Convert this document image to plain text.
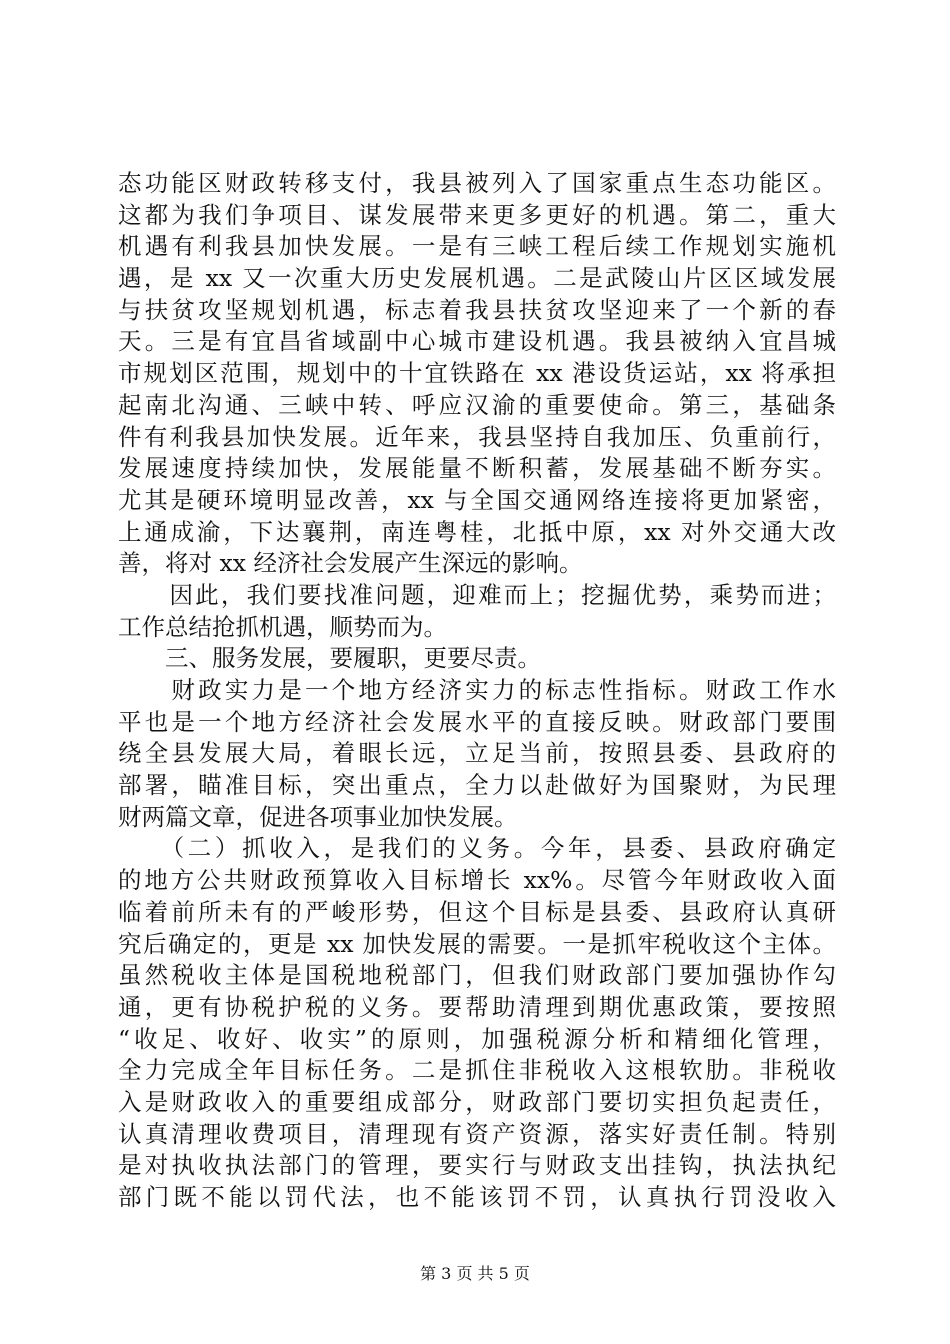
态功能区财政转移支付，我县被列入了国家重点生态功能区。
这都为我们争项目、谋发展带来更多更好的机遇。第二，重大
机遇有利我县加快发展。一是有三峡工程后续工作规划实施机
遇，是 xx 又一次重大历史发展机遇。二是武陵山片区区域发展
与扶贫攻坚规划机遇，标志着我县扶贫攻坚迎来了一个新的春
天。三是有宜昌省域副中心城市建设机遇。我县被纳入宜昌城
市规划区范围，规划中的十宜铁路在 xx 港设货运站，xx 将承担
起南北沟通、三峡中转、呼应汉渝的重要使命。第三，基础条
件有利我县加快发展。近年来，我县坚持自我加压、负重前行，
发展速度持续加快，发展能量不断积蓄，发展基础不断夯实。
尤其是硬环境明显改善，xx 与全国交通网络连接将更加紧密，
上通成渝，下达襄荆，南连粤桂，北抵中原，xx 对外交通大改
善，将对 xx 经济社会发展产生深远的影响。
　　因此，我们要找准问题，迎难而上；挖掘优势，乘势而进；
工作总结抢抓机遇，顺势而为。
　　三、服务发展，要履职，更要尽责。
　　财政实力是一个地方经济实力的标志性指标。财政工作水
平也是一个地方经济社会发展水平的直接反映。财政部门要围
绕全县发展大局，着眼长远，立足当前，按照县委、县政府的
部署，瞄准目标，突出重点，全力以赴做好为国聚财，为民理
财两篇文章，促进各项事业加快发展。
　　（二）抓收入，是我们的义务。今年，县委、县政府确定
的地方公共财政预算收入目标增长 xx%。尽管今年财政收入面
临着前所未有的严峻形势，但这个目标是县委、县政府认真研
究后确定的，更是 xx 加快发展的需要。一是抓牢税收这个主体。
虽然税收主体是国税地税部门，但我们财政部门要加强协作勾
通，更有协税护税的义务。要帮助清理到期优惠政策，要按照
“收足、收好、收实”的原则，加强税源分析和精细化管理，
全力完成全年目标任务。二是抓住非税收入这根软肋。非税收
入是财政收入的重要组成部分，财政部门要切实担负起责任，
认真清理收费项目，清理现有资产资源，落实好责任制。特别
是对执收执法部门的管理，要实行与财政支出挂钩，执法执纪
部门既不能以罚代法，也不能该罚不罚，认真执行罚没收入
第 3 页 共 5 页
